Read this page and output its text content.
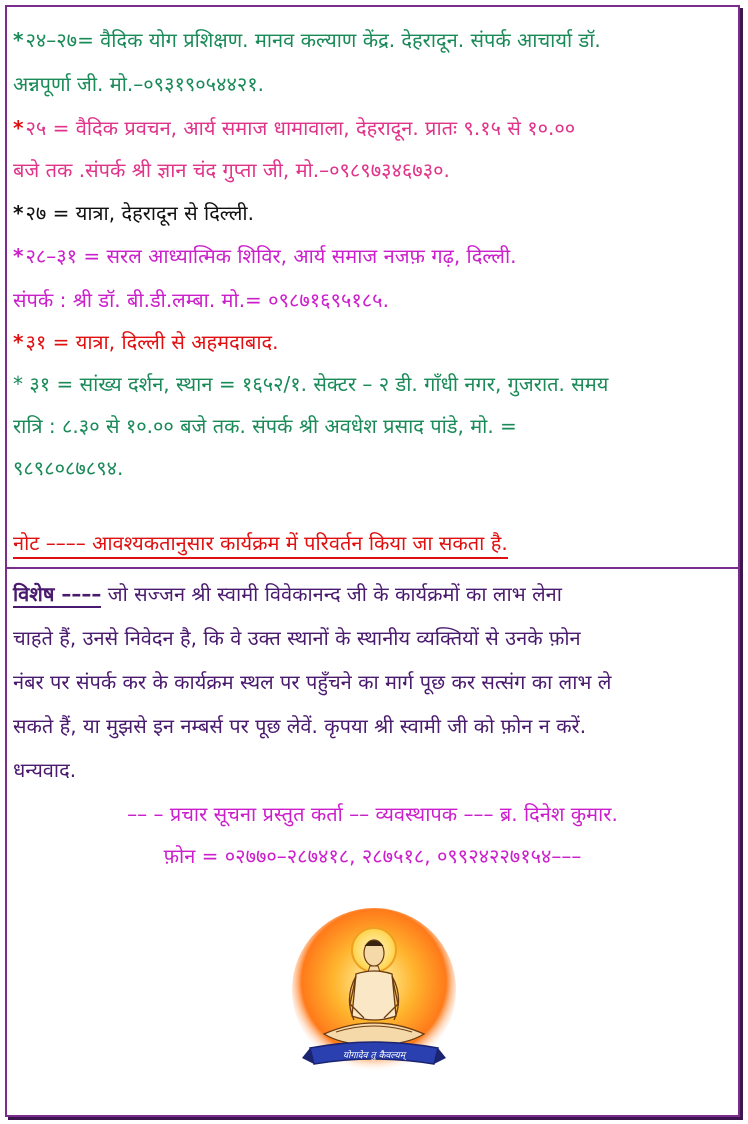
* २४–२७= वैदिक योग प्रशिक्षण. मानव कल्याण केंद्र. देहरादून. संपर्क आचार्या डॉ.
अन्नपूर्णा जी. मो.–०९३१९०५४४२१.
* २५ = वैदिक प्रवचन, आर्य समाज धामावाला, देहरादून. प्रातः ९.१५ से १०.००
बजे तक .संपर्क श्री ज्ञान चंद गुप्ता जी, मो.–०९८९७३४६७३०.
* २७ = यात्रा, देहरादून से दिल्ली.
* २८–३१ = सरल आध्यात्मिक शिविर, आर्य समाज नजफ़ गढ़, दिल्ली.
संपर्क : श्री डॉ. बी.डी.लम्बा. मो.= ०९८७१६९५१८५.
* ३१ = यात्रा, दिल्ली से अहमदाबाद.
* ३१ = सांख्य दर्शन, स्थान = १६५२/१. सेक्टर – २ डी. गाँधी नगर, गुजरात. समय
रात्रि : ८.३० से १०.०० बजे तक. संपर्क श्री अवधेश प्रसाद पांडे, मो. =
९८९८०८७८९४.
नोट –––– आवश्यकतानुसार कार्यक्रम में परिवर्तन किया जा सकता है.
विशेष –––– जो सज्जन श्री स्वामी विवेकानन्द जी के कार्यक्रमों का लाभ लेना
चाहते हैं, उनसे निवेदन है, कि वे उक्त स्थानों के स्थानीय व्यक्तियों से उनके फ़ोन
नंबर पर संपर्क कर के कार्यक्रम स्थल पर पहुँचने का मार्ग पूछ कर सत्संग का लाभ ले
सकते हैं, या मुझसे इन नम्बर्स पर पूछ लेवें. कृपया श्री स्वामी जी को फ़ोन न करें.
धन्यवाद.
–– – प्रचार सूचना प्रस्तुत कर्ता –– व्यवस्थापक ––– ब्र. दिनेश कुमार.
फ़ोन = ०२७७०–२८७४१८, २८७५१८, ०९९२४२२७१५४–––
योगादेव तु कैवल्यम्
